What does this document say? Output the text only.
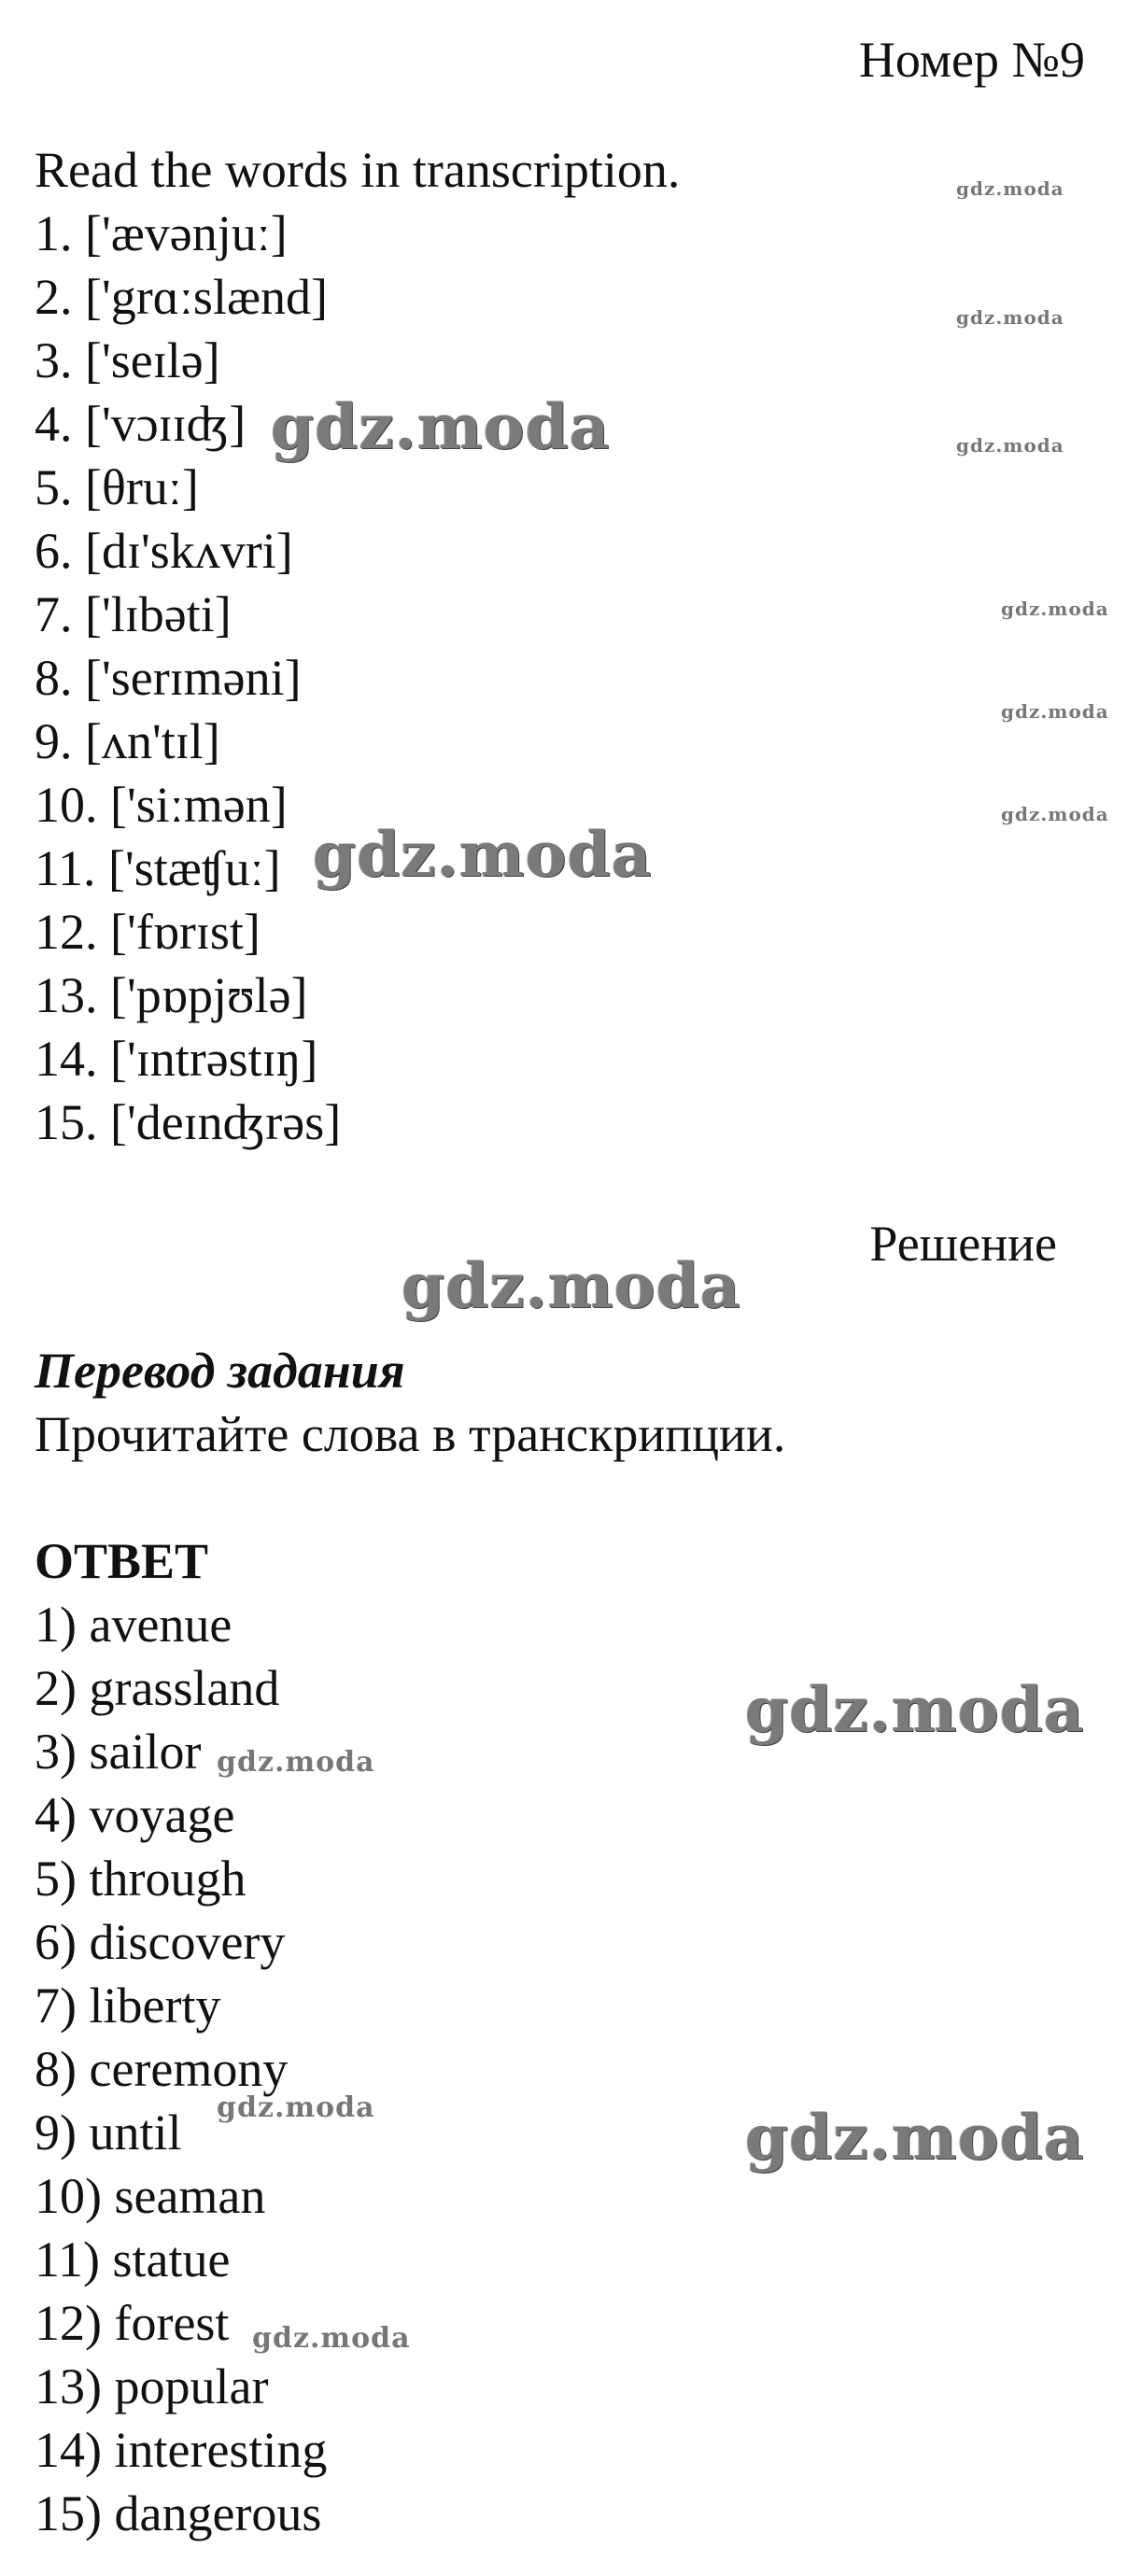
Номер №9
Read the words in transcription.
1. ['ævənjuː]
2. ['grɑːslænd]
3. ['seɪlə]
4. ['vɔɪɪʤ]
5. [θruː]
6. [dɪ'skʌvri]
7. ['lɪbəti]
8. ['serɪməni]
9. [ʌn'tɪl]
10. ['siːmən]
11. ['stæʧuː]
12. ['fɒrɪst]
13. ['pɒpjʊlə]
14. ['ɪntrəstɪŋ]
15. ['deɪnʤrəs]
Решение
Перевод задания
Прочитайте слова в транскрипции.
ОТВЕТ
1) avenue
2) grassland
3) sailor
4) voyage
5) through
6) discovery
7) liberty
8) ceremony
9) until
10) seaman
11) statue
12) forest
13) popular
14) interesting
15) dangerous
gdz.moda
gdz.moda
gdz.moda
gdz.moda
gdz.moda
gdz.moda
gdz.moda
gdz.moda
gdz.moda
gdz.moda
gdz.moda
gdz.moda
gdz.moda
gdz.moda
